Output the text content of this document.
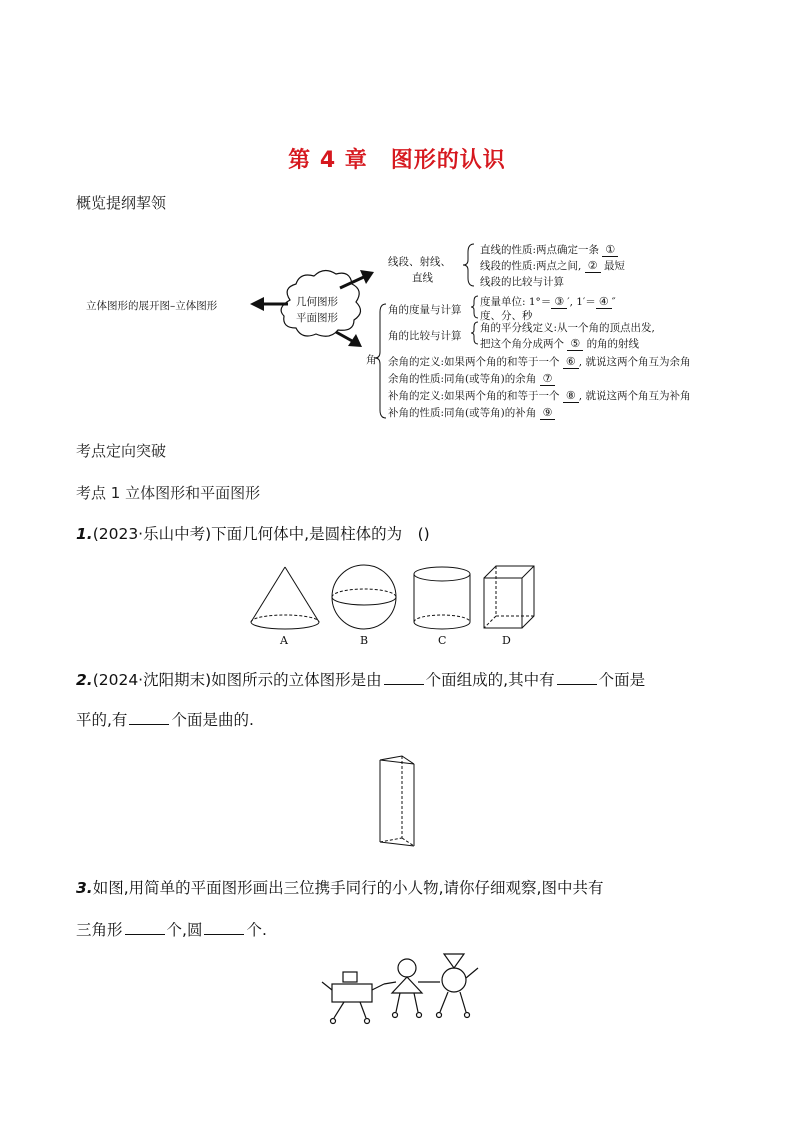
第 4 章　图形的认识
概览提纲挈领
立体图形的展开图–立体图形	几何图形
平面图形
线段、射线、
直线
直线的性质:两点确定一条 ①
线段的性质:两点之间, ② 最短
线段的比较与计算
角
角的度量与计算
角的比较与计算
度量单位: 1°＝ ③ ′, 1′＝ ④ ″
度、分、秒
角的平分线定义:从一个角的顶点出发,
把这个角分成两个 ⑤ 的角的射线
余角的定义:如果两个角的和等于一个 ⑥ , 就说这两个角互为余角
余角的性质:同角(或等角)的余角 ⑦
补角的定义:如果两个角的和等于一个 ⑧ , 就说这两个角互为补角
补角的性质:同角(或等角)的补角 ⑨
考点定向突破
考点 1 立体图形和平面图形
1.(2023·乐山中考)下面几何体中,是圆柱体的为　()
A	B	C	D
2.(2024·沈阳期末)如图所示的立体图形是由	个面组成的,其中有	个面是
平的,有	个面是曲的.
3.如图,用简单的平面图形画出三位携手同行的小人物,请你仔细观察,图中共有
三角形	个,圆	个.
